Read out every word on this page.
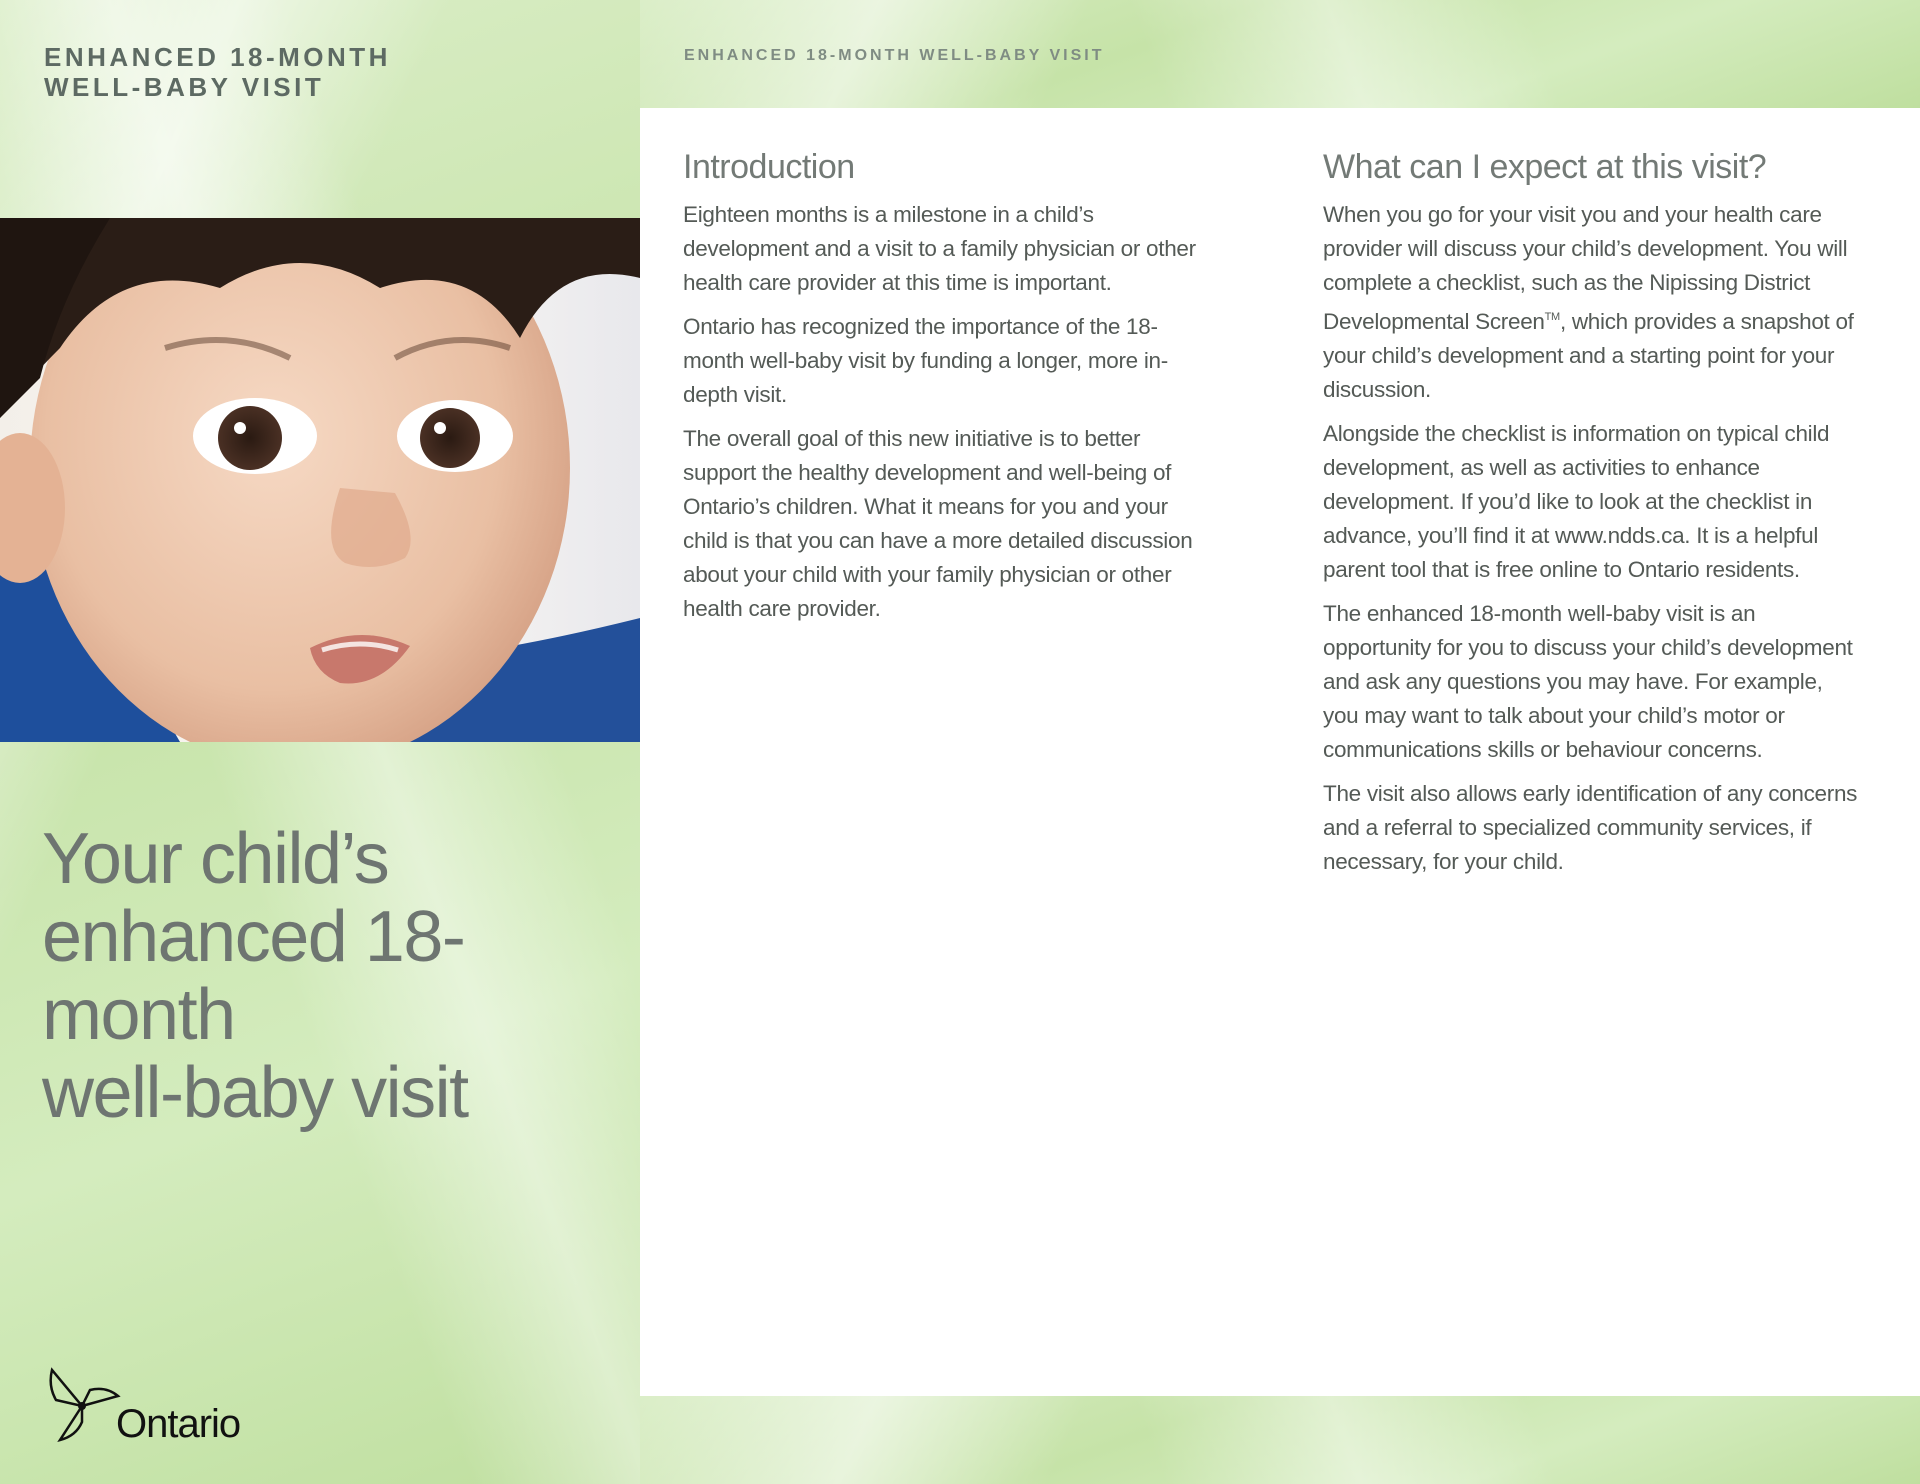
ENHANCED 18-MONTH
WELL-BABY VISIT
Your child’s
enhanced 18-month
well-baby visit
Ontario
ENHANCED 18-MONTH WELL-BABY VISIT
Introduction

Eighteen months is a milestone in a child’s development and a visit to a family physician or other health care provider at this time is important.

Ontario has recognized the importance of the 18-month well-baby visit by funding a longer, more in-depth visit.

The overall goal of this new initiative is to better support the healthy development and well-being of Ontario’s children. What it means for you and your child is that you can have a more detailed discussion about your child with your family physician or other health care provider.

What can I expect at this visit?

When you go for your visit you and your health care provider will discuss your child’s development. You will complete a checklist, such as the Nipissing District Developmental Screen™, which provides a snapshot of your child’s development and a starting point for your discussion.

Alongside the checklist is information on typical child development, as well as activities to enhance development. If you’d like to look at the checklist in advance, you’ll find it at www.ndds.ca. It is a helpful parent tool that is free online to Ontario residents.

The enhanced 18-month well-baby visit is an opportunity for you to discuss your child’s development and ask any questions you may have. For example, you may want to talk about your child’s motor or communications skills or behaviour concerns.

The visit also allows early identification of any concerns and a referral to specialized community services, if necessary, for your child.
